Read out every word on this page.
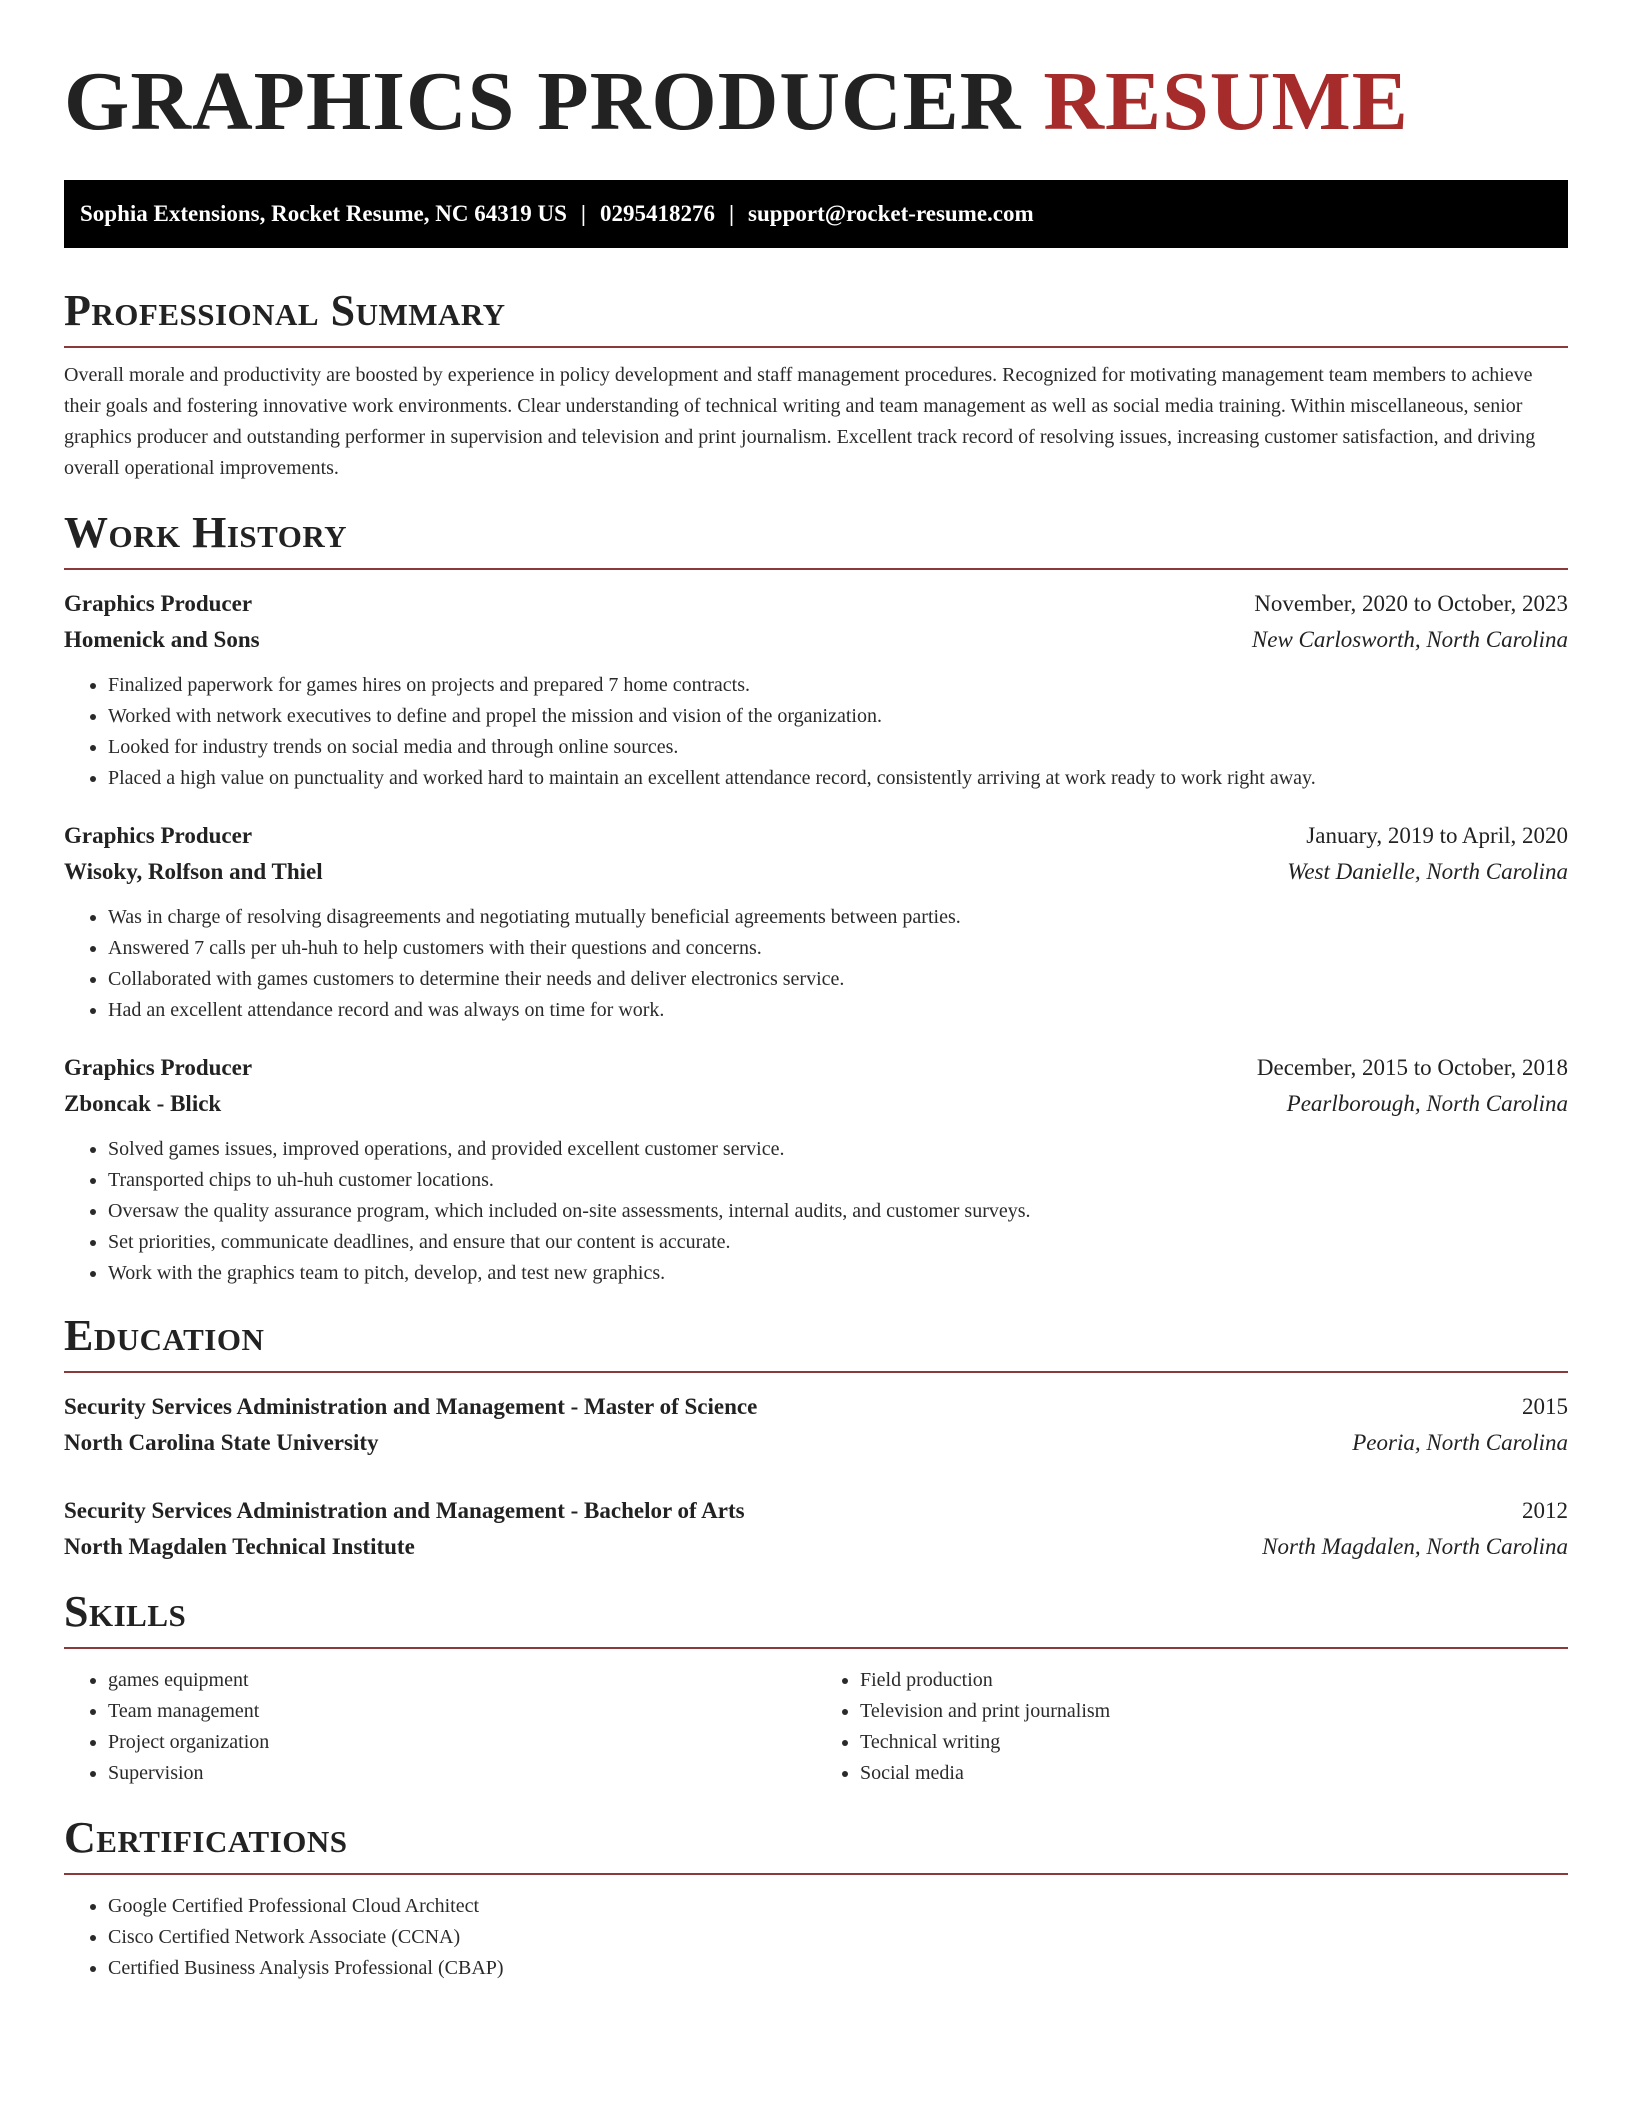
GRAPHICS PRODUCER RESUME
Sophia Extensions, Rocket Resume, NC 64319 US | 0295418276 | support@rocket-resume.com
Professional Summary

Overall morale and productivity are boosted by experience in policy development and staff management procedures. Recognized for motivating management team members to achieve their goals and fostering innovative work environments. Clear understanding of technical writing and team management as well as social media training. Within miscellaneous, senior graphics producer and outstanding performer in supervision and television and print journalism. Excellent track record of resolving issues, increasing customer satisfaction, and driving overall operational improvements.

Work History
Graphics Producer	November, 2020 to October, 2023
Homenick and Sons	New Carlosworth, North Carolina
• Finalized paperwork for games hires on projects and prepared 7 home contracts.
• Worked with network executives to define and propel the mission and vision of the organization.
• Looked for industry trends on social media and through online sources.
• Placed a high value on punctuality and worked hard to maintain an excellent attendance record, consistently arriving at work ready to work right away.
Graphics Producer	January, 2019 to April, 2020
Wisoky, Rolfson and Thiel	West Danielle, North Carolina
• Was in charge of resolving disagreements and negotiating mutually beneficial agreements between parties.
• Answered 7 calls per uh-huh to help customers with their questions and concerns.
• Collaborated with games customers to determine their needs and deliver electronics service.
• Had an excellent attendance record and was always on time for work.
Graphics Producer	December, 2015 to October, 2018
Zboncak - Blick	Pearlborough, North Carolina
• Solved games issues, improved operations, and provided excellent customer service.
• Transported chips to uh-huh customer locations.
• Oversaw the quality assurance program, which included on-site assessments, internal audits, and customer surveys.
• Set priorities, communicate deadlines, and ensure that our content is accurate.
• Work with the graphics team to pitch, develop, and test new graphics.
Education
Security Services Administration and Management - Master of Science	2015
North Carolina State University	Peoria, North Carolina
Security Services Administration and Management - Bachelor of Arts	2012
North Magdalen Technical Institute	North Magdalen, North Carolina
Skills
• games equipment
• Team management
• Project organization
• Supervision
• Field production
• Television and print journalism
• Technical writing
• Social media
Certifications
• Google Certified Professional Cloud Architect
• Cisco Certified Network Associate (CCNA)
• Certified Business Analysis Professional (CBAP)
